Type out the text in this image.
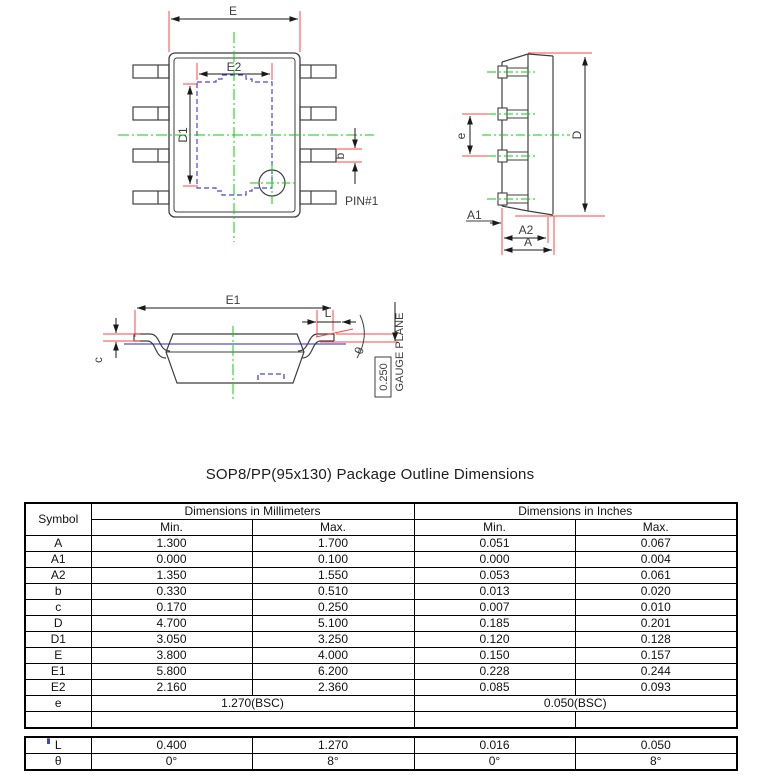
E
E2
D1
b
PIN#1
e	D
A1
A2
A
E1
c
L
θ
0.250 GAUGE PLANE
SOP8/PP(95x130) Package Outline Dimensions
Symbol	Dimensions in Millimeters		Dimensions in Inches	
	Min.	Max.	Min.	Max.
A	1.300	1.700	0.051	0.067
A1	0.000	0.100	0.000	0.004
A2	1.350	1.550	0.053	0.061
b	0.330	0.510	0.013	0.020
c	0.170	0.250	0.007	0.010
D	4.700	5.100	0.185	0.201
D1	3.050	3.250	0.120	0.128
E	3.800	4.000	0.150	0.157
E1	5.800	6.200	0.228	0.244
E2	2.160	2.360	0.085	0.093
e	1.270(BSC)		0.050(BSC)	

L	0.400	1.270	0.016	0.050
θ	0°	8°	0°	8°
